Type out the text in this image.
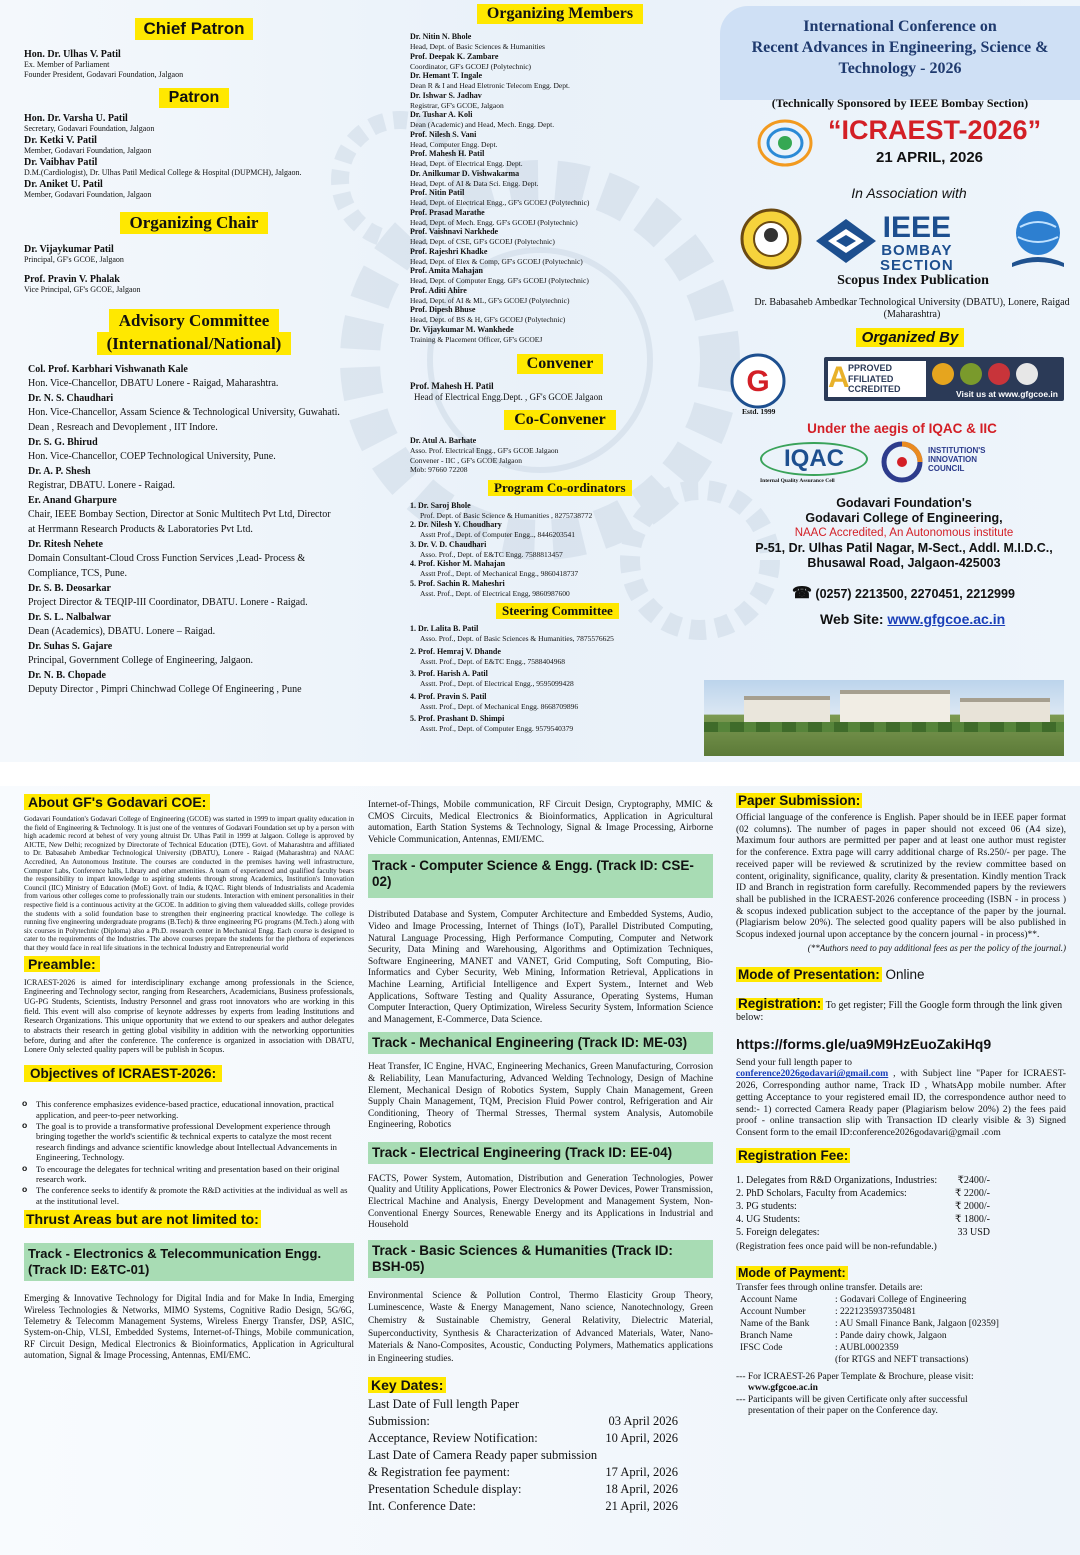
Chief Patron
Hon. Dr. Ulhas V. Patil
Ex. Member of Parliament
Founder President, Godavari Foundation, Jalgaon
Patron
Hon. Dr. Varsha U. Patil
Secretary, Godavari Foundation, Jalgaon
Dr. Ketki V. Patil
Member, Godavari Foundation, Jalgaon
Dr. Vaibhav Patil
D.M.(Cardiologist), Dr. Ulhas Patil Medical College & Hospital (DUPMCH), Jalgaon.
Dr. Aniket U. Patil
Member, Godavari Foundation, Jalgaon
Organizing Chair
Dr. Vijaykumar Patil
Principal, GF's GCOE, Jalgaon
Prof. Pravin V. Phalak
Vice Principal, GF's GCOE, Jalgaon
Advisory Committee
(International/National)
Col. Prof. Karbhari Vishwanath Kale
Hon. Vice-Chancellor, DBATU Lonere - Raigad, Maharashtra.
Dr. N. S. Chaudhari
Hon. Vice-Chancellor, Assam Science & Technological University, Guwahati.
Dean , Resreach and Devoplement , IIT Indore.
Dr. S. G. Bhirud
Hon. Vice-Chancellor, COEP Technological University, Pune.
Dr. A. P. Shesh
Registrar, DBATU. Lonere - Raigad.
Er. Anand Gharpure
Chair, IEEE Bombay Section, Director at Sonic Multitech Pvt Ltd, Director
at Herrmann Research Products & Laboratories Pvt Ltd.
Dr. Ritesh Nehete
Domain Consultant-Cloud Cross Function Services ,Lead- Process &
Compliance, TCS, Pune.
Dr. S. B. Deosarkar
Project Director & TEQIP-III Coordinator, DBATU. Lonere - Raigad.
Dr. S. L. Nalbalwar
Dean (Academics), DBATU. Lonere – Raigad.
Dr. Suhas S. Gajare
Principal, Government College of Engineering, Jalgaon.
Dr. N. B. Chopade
Deputy Director , Pimpri Chinchwad College Of Engineering , Pune
Organizing Members
Dr. Nitin N. Bhole
Head, Dept. of Basic Sciences & Humanities
Prof. Deepak K. Zambare
Coordinator, GF's GCOEJ (Polytechnic)
Dr. Hemant T. Ingale
Dean R & I and Head Eletronic Telecom Engg. Dept.
Dr. Ishwar S. Jadhav
Registrar, GF's GCOE, Jalgaon
Dr. Tushar A. Koli
Dean (Academic) and Head, Mech. Engg. Dept.
Prof. Nilesh S. Vani
Head, Computer Engg. Dept.
Prof. Mahesh H. Patil
Head, Dept. of Electrical Engg. Dept.
Dr. Anilkumar D. Vishwakarma
Head, Dept. of AI & Data Sci. Engg. Dept.
Prof. Nitin Patil
Head, Dept. of Electrical Engg., GF's GCOEJ (Polytechnic)
Prof. Prasad Marathe
Head, Dept. of Mech. Engg. GF's GCOEJ (Polytechnic)
Prof. Vaishnavi Narkhede
Head, Dept. of CSE, GF's GCOEJ (Polytechnic)
Prof. Rajeshri Khadke
Head, Dept. of Elex & Comp, GF's GCOEJ (Polytechnic)
Prof. Amita Mahajan
Head, Dept. of Computer Engg. GF's GCOEJ (Polytechnic)
Prof. Aditi Ahire
Head, Dept. of AI & ML, GF's GCOEJ (Polytechnic)
Prof. Dipesh Bhuse
Head, Dept. of BS & H, GF's GCOEJ (Polytechnic)
Dr. Vijaykumar M. Wankhede
Training & Placement Officer, GF's GCOEJ
Convener
Prof. Mahesh H. Patil
Head of Electrical Engg.Dept. , GF's GCOE Jalgaon
Co-Convener
Dr. Atul A. Barhate
Asso. Prof. Electrical Engg., GF's GCOE Jalgaon
Convener - IIC , GF's GCOE Jalgaon
Mob: 97660 72208
Program Co-ordinators
1. Dr. Saroj Bhole
Prof. Dept. of Basic Science & Humanities , 8275738772
2. Dr. Nilesh Y. Choudhary
Asstt Prof., Dept. of Computer Engg.., 8446203541
3. Dr. V. D. Chaudhari
Asso. Prof., Dept. of E&TC Engg. 7588813457
4. Prof. Kishor M. Mahajan
Asstt Prof., Dept. of Mechanical Engg., 9860418737
5. Prof. Sachin R. Maheshri
Asst. Prof., Dept. of Electrical Engg, 9860987600
Steering Committee
1. Dr. Lalita B. Patil
Asso. Prof., Dept. of Basic Sciences & Humanities, 7875576625
2. Prof. Hemraj V. Dhande
Asstt. Prof., Dept. of E&TC Engg., 7588404968
3. Prof. Harish A. Patil
Asstt. Prof., Dept. of Electrical Engg., 9595099428
4. Prof. Pravin S. Patil
Asstt. Prof., Dept. of Mechanical Engg. 8668709896
5. Prof. Prashant D. Shimpi
Asstt. Prof., Dept. of Computer Engg. 9579540379
International Conference on
Recent Advances in Engineering, Science &
Technology - 2026
(Technically Sponsored by IEEE Bombay Section)
“ICRAEST-2026”
21 APRIL, 2026
In Association with
IEEE
BOMBAY
SECTION
Scopus Index Publication
Dr. Babasaheb Ambedkar Technological University (DBATU), Lonere, Raigad
(Maharashtra)
Organized By
G
Estd. 1999
A
PPROVED
FFILIATED
CCREDITED	Visit us at www.gfgcoe.in
Under the aegis of IQAC & IIC
IQAC
Internal Quality Assurance Cell
INSTITUTION'S
INNOVATION
COUNCIL
Godavari Foundation's
Godavari College of Engineering,
NAAC Accredited, An Autonomous institute
P-51, Dr. Ulhas Patil Nagar, M-Sect., Addl. M.I.D.C.,
Bhusawal Road, Jalgaon-425003
☎ (0257) 2213500, 2270451, 2212999
Web Site: www.gfgcoe.ac.in
About GF's Godavari COE:
Godavari Foundation's Godavari College of Engineering (GCOE) was started in 1999 to impart quality education in the field of Engineering & Technology. It is just one of the ventures of Godavari Foundation set up by a person with high academic record at behest of very young altruist Dr. Ulhas Patil in 1999 at Jalgaon. College is approved by AICTE, New Delhi; recognized by Directorate of Technical Education (DTE), Govt. of Maharashtra and affiliated to Dr. Babasaheb Ambedkar Technological University (DBATU), Lonere - Raigad (Maharashtra) and NAAC Accredited, An Autonomous Institute. The courses are conducted in the premises having well infrastructure, Computer Labs, Conference halls, Library and other amenities. A team of experienced and qualified faculty bears the responsibility to impart knowledge to aspiring students through strong Academics, Institution's Innovation Council (IIC) Ministry of Education (MoE) Govt. of India, & IQAC. Right blends of Industrialists and Academia from various other colleges come to professionally train our students. Interaction with eminent personalities in their respective field is a continuous activity at the GCOE. In addition to giving them valueadded skills, college provides the students with a solid foundation base to strengthen their engineering practical knowledge. The college is running five engineering undergraduate programs (B.Tech) & three engineering PG programs (M.Tech.) along with six courses in Polytechnic (Diploma) also a Ph.D. research center in Mechanical Engg. Each course is designed to cater to the requirements of the Industries. The above courses prepare the students for the plethora of experiences that they would face in real life situations in the technical Industry and Entrepreneurial world
Preamble:
ICRAEST-2026 is aimed for interdisciplinary exchange among professionals in the Science, Engineering and Technology sector, ranging from Researchers, Academicians, Business professionals, UG-PG Students, Scientists, Industry Personnel and grass root innovators who are working in this field. This event will also comprise of keynote addresses by experts from leading Institutions and Research Organizations. This unique opportunity that we extend to our speakers and author delegates to abstracts their research in getting global visibility in addition with the networking opportunities before, during and after the conference. The conference is organized in association with DBATU, Lonere Only selected quality papers will be publish in Scopus.
Objectives of ICRAEST-2026:
o This conference emphasizes evidence-based practice, educational innovation, practical application, and peer-to-peer networking.
o The goal is to provide a transformative professional Development experience through bringing together the world's scientific & technical experts to catalyze the most recent research findings and advance scientific knowledge about Intellectual Advancements in Engineering, Technology.
o To encourage the delegates for technical writing and presentation based on their original research work.
o The conference seeks to identify & promote the R&D activities at the individual as well as at the institutional level.
Thrust Areas but are not limited to:
Track - Electronics & Telecommunication Engg. (Track ID: E&TC-01)
Emerging & Innovative Technology for Digital India and for Make In India, Emerging Wireless Technologies & Networks, MIMO Systems, Cognitive Radio Design, 5G/6G, Telemetry & Telecomm Management Systems, Wireless Energy Transfer, DSP, ASIC, System-on-Chip, VLSI, Embedded Systems, Internet-of-Things, Mobile communication, RF Circuit Design, Medical Electronics & Bioinformatics, Application in Agricultural automation, Signal & Image Processing, Antennas, EMI/EMC.
Internet-of-Things, Mobile communication, RF Circuit Design, Cryptography, MMIC & CMOS Circuits, Medical Electronics & Bioinformatics, Application in Agricultural automation, Earth Station Systems & Technology, Signal & Image Processing, Airborne Vehicle Communication, Antennas, EMI/EMC.
Track - Computer Science & Engg. (Track ID: CSE-02)
Distributed Database and System, Computer Architecture and Embedded Systems, Audio, Video and Image Processing, Internet of Things (IoT), Parallel Distributed Computing, Natural Language Processing, High Performance Computing, Computer and Network Security, Data Mining and Warehousing, Algorithms and Optimization Techniques, Software Engineering, MANET and VANET, Grid Computing, Soft Computing, Bio-Informatics and Cyber Security, Web Mining, Information Retrieval, Applications in Machine Learning, Artificial Intelligence and Expert System., Internet and Web Applications, Software Testing and Quality Assurance, Operating Systems, Human Computer Interaction, Query Optimization, Wireless Security System, Information Science and Management, E-Commerce, Data Science.
Track - Mechanical Engineering (Track ID: ME-03)
Heat Transfer, IC Engine, HVAC, Engineering Mechanics, Green Manufacturing, Corrosion & Reliability, Lean Manufacturing, Advanced Welding Technology, Design of Machine Element, Mechanical Design of Robotics System, Supply Chain Management, Green Supply Chain Management, TQM, Precision Fluid Power control, Refrigeration and Air Conditioning, Theory of Thermal Stresses, Thermal system Analysis, Automobile Engineering, Robotics
Track - Electrical Engineering (Track ID: EE-04)
FACTS, Power System, Automation, Distribution and Generation Technologies, Power Quality and Utility Applications, Power Electronics & Power Devices, Power Transmission, Electrical Machine and Analysis, Energy Development and Management System, Non-Conventional Energy Sources, Renewable Energy and its Applications in Industrial and Household
Track - Basic Sciences & Humanities (Track ID: BSH-05)
Environmental Science & Pollution Control, Thermo Elasticity Group Theory, Luminescence, Waste & Energy Management, Nano science, Nanotechnology, Green Chemistry & Sustainable Chemistry, General Relativity, Dielectric Material, Superconductivity, Synthesis & Characterization of Advanced Materials, Water, Nano-Materials & Nano-Composites, Acoustic, Conducting Polymers, Mathematics applications in Engineering studies.
Key Dates:
Last Date of Full length Paper
Submission:	03 April 2026
Acceptance, Review Notification:	10 April, 2026
Last Date of Camera Ready paper submission
& Registration fee payment:	17 April, 2026
Presentation Schedule display:	18 April, 2026
Int. Conference Date:	21 April, 2026
Paper Submission:
Official language of the conference is English. Paper should be in IEEE paper format (02 columns). The number of pages in paper should not exceed 06 (A4 size), Maximum four authors are permitted per paper and at least one author must register for the conference. Extra page will carry additional charge of Rs.250/- per page. The received paper will be reviewed & scrutinized by the review committee based on content, originality, significance, quality, clarity & presentation. Kindly mention Track ID and Branch in registration form carefully. Recommended papers by the reviewers shall be published in the ICRAEST-2026 conference proceeding (ISBN - in process ) & scopus indexed publication subject to the acceptance of the paper by the journal. (Plagiarism below 20%). The selected good quality papers will be also published in Scopus indexed journal upon acceptance by the concern journal - in process)**.
(**Authors need to pay additional fees as per the policy of the journal.)
Mode of Presentation: Online
Registration: To get register; Fill the Google form through the link given below:
https://forms.gle/ua9M9HzEuoZakiHq9
Send your full length paper to
conference2026godavari@gmail.com , with Subject line "Paper for ICRAEST-2026, Corresponding author name, Track ID , WhatsApp mobile number. After getting Acceptance to your registered email ID, the correspondence author need to send:- 1) corrected Camera Ready paper (Plagiarism below 20%) 2) the fees paid proof - online transaction slip with Transaction ID clearly visible & 3) Signed Consent form to the email ID:conference2026godavari@gmail .com
Registration Fee:
1. Delegates from R&D Organizations, Industries: ₹2400/-
2. PhD Scholars, Faculty from Academics:	₹ 2200/-
3. PG students:	₹ 2000/-
4. UG Students:	₹ 1800/-
5. Foreign delegates:	33 USD
(Registration fees once paid will be non-refundable.)
Mode of Payment:
Transfer fees through online transfer. Details are:
Account Name	: Godavari College of Engineering
Account Number	: 2221235937350481
Name of the Bank	: AU Small Finance Bank, Jalgaon [02359]
Branch Name	: Pande dairy chowk, Jalgaon
IFSC Code	: AUBL0002359
(for RTGS and NEFT transactions)
--- For ICRAEST-26 Paper Template & Brochure, please visit:
www.gfgcoe.ac.in
--- Participants will be given Certificate only after successful
presentation of their paper on the Conference day.
